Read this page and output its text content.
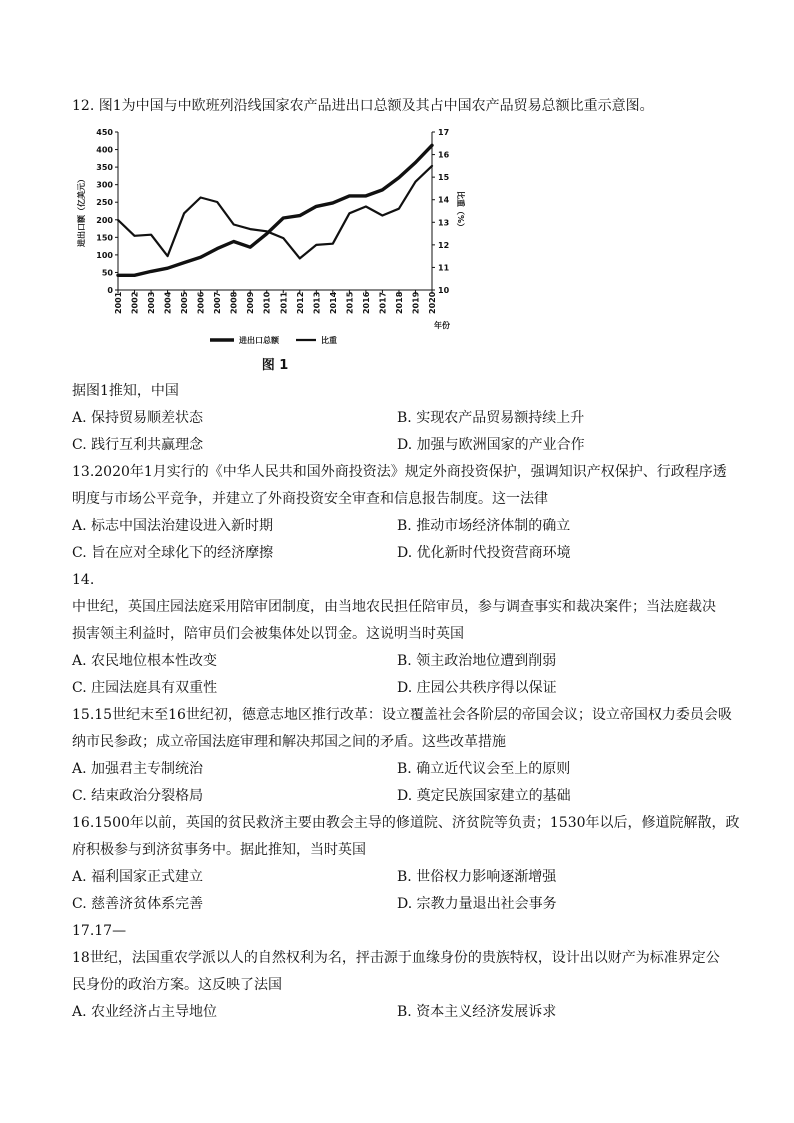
12. 图1为中国与中欧班列沿线国家农产品进出口总额及其占中国农产品贸易总额比重示意图。
0
50
100
150
200
250
300
350
400
450
10
11
12
13
14
15
16
17
2001 2002 2003 2004 2005 2006 2007 2008 2009 2010 2011 2012 2013 2014 2015 2016 2017 2018 2019 2020
进出口额（亿美元）	比重（%）
年份
进出口总额	比重
图 1
据图1推知，中国
A. 保持贸易顺差状态	B. 实现农产品贸易额持续上升
C. 践行互利共赢理念	D. 加强与欧洲国家的产业合作
13.2020年1月实行的《中华人民共和国外商投资法》规定外商投资保护，强调知识产权保护、行政程序透
明度与市场公平竞争，并建立了外商投资安全审查和信息报告制度。这一法律
A. 标志中国法治建设进入新时期	B. 推动市场经济体制的确立
C. 旨在应对全球化下的经济摩擦	D. 优化新时代投资营商环境
14.
中世纪，英国庄园法庭采用陪审团制度，由当地农民担任陪审员，参与调查事实和裁决案件；当法庭裁决
损害领主利益时，陪审员们会被集体处以罚金。这说明当时英国
A. 农民地位根本性改变	B. 领主政治地位遭到削弱
C. 庄园法庭具有双重性	D. 庄园公共秩序得以保证
15.15世纪末至16世纪初，德意志地区推行改革：设立覆盖社会各阶层的帝国会议；设立帝国权力委员会吸
纳市民参政；成立帝国法庭审理和解决邦国之间的矛盾。这些改革措施
A. 加强君主专制统治	B. 确立近代议会至上的原则
C. 结束政治分裂格局	D. 奠定民族国家建立的基础
16.1500年以前，英国的贫民救济主要由教会主导的修道院、济贫院等负责；1530年以后，修道院解散，政
府积极参与到济贫事务中。据此推知，当时英国
A. 福利国家正式建立	B. 世俗权力影响逐渐增强
C. 慈善济贫体系完善	D. 宗教力量退出社会事务
17.17—
18世纪，法国重农学派以人的自然权利为名，抨击源于血缘身份的贵族特权，设计出以财产为标准界定公
民身份的政治方案。这反映了法国
A. 农业经济占主导地位	B. 资本主义经济发展诉求
